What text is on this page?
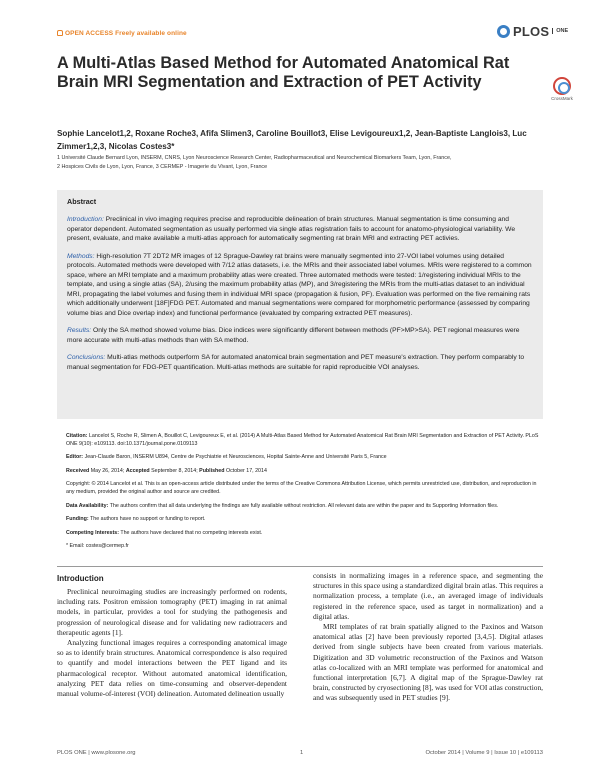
OPEN ACCESS Freely available online	PLOS	ONE
A Multi-Atlas Based Method for Automated Anatomical Rat Brain MRI Segmentation and Extraction of PET Activity
CrossMark
Sophie Lancelot1,2, Roxane Roche3, Afifa Slimen3, Caroline Bouillot3, Elise Levigoureux1,2, Jean-Baptiste Langlois3, Luc Zimmer1,2,3, Nicolas Costes3*
1 Université Claude Bernard Lyon, INSERM, CNRS, Lyon Neuroscience Research Center, Radiopharmaceutical and Neurochemical Biomarkers Team, Lyon, France,
2 Hospices Civils de Lyon, Lyon, France, 3 CERMEP - Imagerie du Vivant, Lyon, France
Abstract

Introduction: Preclinical in vivo imaging requires precise and reproducible delineation of brain structures. Manual segmentation is time consuming and operator dependent. Automated segmentation as usually performed via single atlas registration fails to account for anatomo-physiological variability. We present, evaluate, and make available a multi-atlas approach for automatically segmenting rat brain MRI and extracting PET activies.

Methods: High-resolution 7T 2DT2 MR images of 12 Sprague-Dawley rat brains were manually segmented into 27-VOI label volumes using detailed protocols. Automated methods were developed with 7/12 atlas datasets, i.e. the MRIs and their associated label volumes. MRIs were registered to a common space, where an MRI template and a maximum probability atlas were created. Three automated methods were tested: 1/registering individual MRIs to the template, and using a single atlas (SA), 2/using the maximum probability atlas (MP), and 3/registering the MRIs from the multi-atlas dataset to an individual MRI, propagating the label volumes and fusing them in individual MRI space (propagation & fusion, PF). Evaluation was performed on the five remaining rats which additionally underwent [18F]FDG PET. Automated and manual segmentations were compared for morphometric performance (assessed by comparing volume bias and Dice overlap index) and functional performance (evaluated by comparing extracted PET measures).

Results: Only the SA method showed volume bias. Dice indices were significantly different between methods (PF>MP>SA). PET regional measures were more accurate with multi-atlas methods than with SA method.

Conclusions: Multi-atlas methods outperform SA for automated anatomical brain segmentation and PET measure's extraction. They perform comparably to manual segmentation for FDG-PET quantification. Multi-atlas methods are suitable for rapid reproducible VOI analyses.

Citation: Lancelot S, Roche R, Slimen A, Bouillot C, Levigoureux E, et al. (2014) A Multi-Atlas Based Method for Automated Anatomical Rat Brain MRI Segmentation and Extraction of PET Activity. PLoS ONE 9(10): e109113. doi:10.1371/journal.pone.0109113

Editor: Jean-Claude Baron, INSERM U894, Centre de Psychiatrie et Neurosciences, Hopital Sainte-Anne and Université Paris 5, France

Received May 26, 2014; Accepted September 8, 2014; Published October 17, 2014

Copyright: © 2014 Lancelot et al. This is an open-access article distributed under the terms of the Creative Commons Attribution License, which permits unrestricted use, distribution, and reproduction in any medium, provided the original author and source are credited.

Data Availability: The authors confirm that all data underlying the findings are fully available without restriction. All relevant data are within the paper and its Supporting Information files.

Funding: The authors have no support or funding to report.

Competing Interests: The authors have declared that no competing interests exist.

* Email: costes@cermep.fr

Introduction

Preclinical neuroimaging studies are increasingly performed on rodents, including rats. Positron emission tomography (PET) imaging in rat animal models, in particular, provides a tool for studying the pathogenesis and progression of neurological disease and for validating new radiotracers and therapeutic agents [1].

Analyzing functional images requires a corresponding anatomical image so as to identify brain structures. Anatomical correspondence is also required to quantify and model interactions between the PET ligand and its pharmacological receptor. Without automated anatomical identification, analyzing PET data relies on time-consuming and observer-dependent manual volume-of-interest (VOI) delineation. Automated delineation usually

consists in normalizing images in a reference space, and segmenting the structures in this space using a standardized digital brain atlas. This requires a normalization process, a template (i.e., an averaged image of individuals registered in the reference space, used as target in normalization) and a digital atlas.

MRI templates of rat brain spatially aligned to the Paxinos and Watson anatomical atlas [2] have been previously reported [3,4,5]. Digital atlases derived from single subjects have been created from various materials. Digitization and 3D volumetric reconstruction of the Paxinos and Watson atlas co-localized with an MRI template was performed for anatomical and functional interpretation [6,7]. A digital map of the Sprague-Dawley rat brain, constructed by cryosectioning [8], was used for VOI atlas construction, and was subsequently used in PET studies [9].

PLOS ONE | www.plosone.org	1	October 2014 | Volume 9 | Issue 10 | e109113
